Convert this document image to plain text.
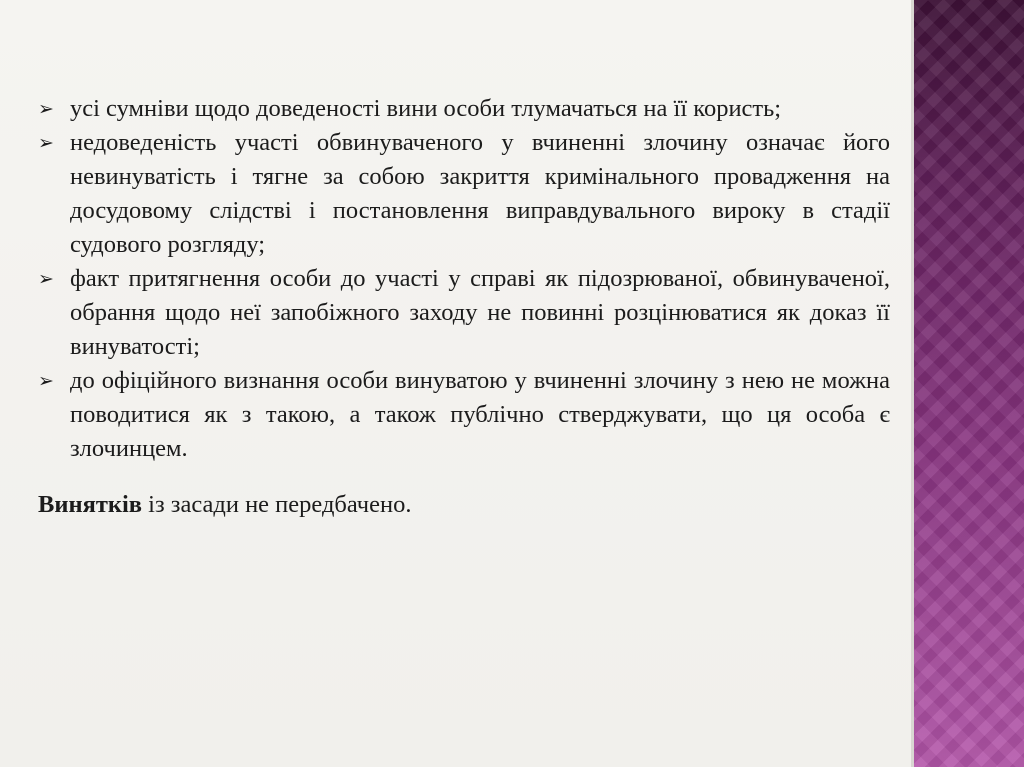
➢ усі сумніви щодо доведеності вини особи тлумачаться на її користь;
➢ недоведеність участі обвинуваченого у вчиненні злочину означає його невинуватість і тягне за собою закриття кримінального провадження на досудовому слідстві і постановлення виправдувального вироку в стадії судового розгляду;
➢ факт притягнення особи до участі у справі як підозрюваної, обвинуваченої, обрання щодо неї запобіжного заходу не повинні розцінюватися як доказ її винуватості;
➢ до офіційного визнання особи винуватою у вчиненні злочину з нею не можна поводитися як з такою, а також публічно стверджувати, що ця особа є злочинцем.
Винятків із засади не передбачено.
